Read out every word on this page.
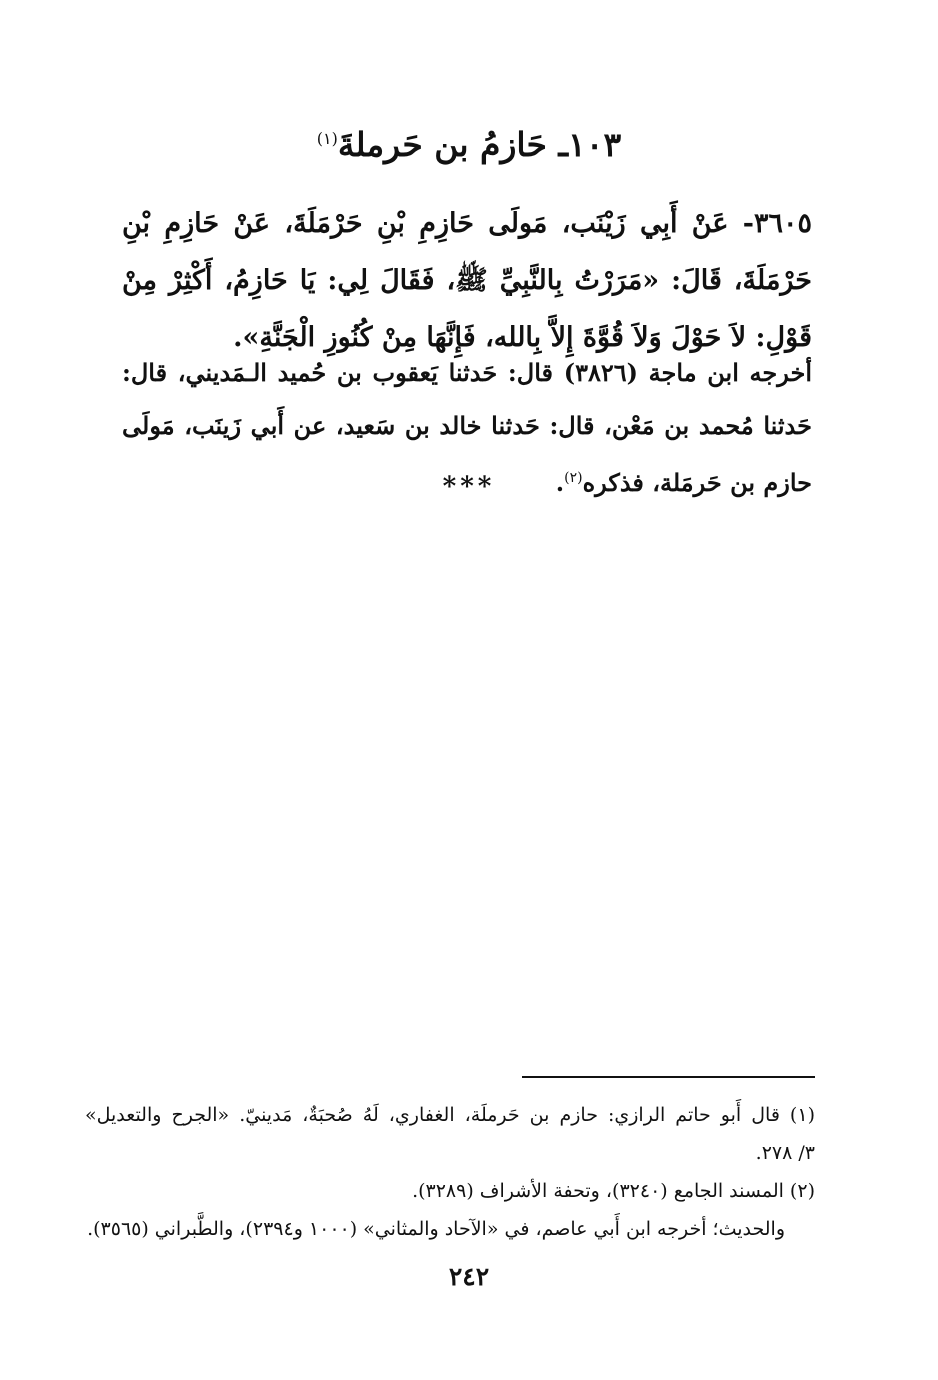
١٠٣ـ حَازمُ بن حَرملةَ$^{(١)}$

٣٦٠٥- عَنْ أَبِي زَيْنَب، مَولَى حَازِمِ بْنِ حَرْمَلَةَ، عَنْ حَازِمِ بْنِ حَرْمَلَةَ، قَالَ: «مَرَرْتُ بِالنَّبِيِّ ﷺ، فَقَالَ لِي: يَا حَازِمُ، أَكْثِرْ مِنْ قَوْلِ: لاَ حَوْلَ وَلاَ قُوَّةَ إِلاَّ بِالله، فَإِنَّهَا مِنْ كُنُوزِ الْجَنَّةِ».

أخرجه ابن ماجة (٣٨٢٦) قال: حَدثنا يَعقوب بن حُميد الـمَديني، قال: حَدثنا مُحمد بن مَعْن، قال: حَدثنا خالد بن سَعيد، عن أَبي زَينَب، مَولَى حازم بن حَرمَلة، فذكره$^{(٢)}$.

***

(١) قال أَبو حاتم الرازي: حازم بن حَرملَة، الغفاري، لَهُ صُحبَةٌ، مَدينيّ. «الجرح والتعديل»
٣/ ٢٧٨.

(٢) المسند الجامع (٣٢٤٠)، وتحفة الأشراف (٣٢٨٩).
والحديث؛ أخرجه ابن أَبي عاصم، في «الآحاد والمثاني» (١٠٠٠ و٢٣٩٤)، والطَّبراني (٣٥٦٥).

٢٤٢
